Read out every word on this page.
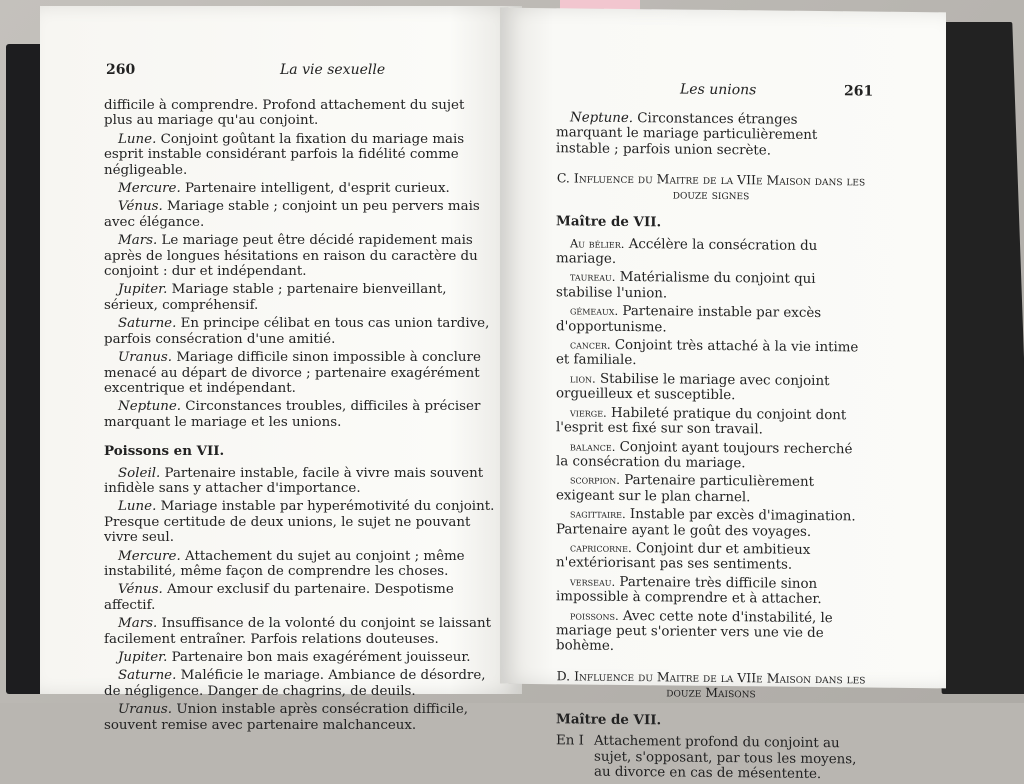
260	La vie sexuelle

difficile à comprendre. Profond attachement du sujet plus au mariage qu'au conjoint.

Lune. Conjoint goûtant la fixation du mariage mais esprit instable considérant parfois la fidélité comme négligeable.

Mercure. Partenaire intelligent, d'esprit curieux.

Vénus. Mariage stable ; conjoint un peu pervers mais avec élégance.

Mars. Le mariage peut être décidé rapidement mais après de longues hésitations en raison du caractère du conjoint : dur et indépendant.

Jupiter. Mariage stable ; partenaire bienveillant, sérieux, compréhensif.

Saturne. En principe célibat en tous cas union tardive, parfois consécration d'une amitié.

Uranus. Mariage difficile sinon impossible à conclure menacé au départ de divorce ; partenaire exagérément excentrique et indépendant.

Neptune. Circonstances troubles, difficiles à préciser marquant le mariage et les unions.

Poissons en VII.

Soleil. Partenaire instable, facile à vivre mais souvent infidèle sans y attacher d'importance.

Lune. Mariage instable par hyperémotivité du conjoint. Presque certitude de deux unions, le sujet ne pouvant vivre seul.

Mercure. Attachement du sujet au conjoint ; même instabilité, même façon de comprendre les choses.

Vénus. Amour exclusif du partenaire. Despotisme affectif.

Mars. Insuffisance de la volonté du conjoint se laissant facilement entraîner. Parfois relations douteuses.

Jupiter. Partenaire bon mais exagérément jouisseur.

Saturne. Maléficie le mariage. Ambiance de désordre, de négligence. Danger de chagrins, de deuils.

Uranus. Union instable après consécration difficile, souvent remise avec partenaire malchanceux.

Les unions	261

Neptune. Circonstances étranges marquant le mariage particulièrement instable ; parfois union secrète.

C. Influence du Maitre de la VIIe Maison dans les douze signes

Maître de VII.

Au bélier. Accélère la consécration du mariage.

taureau. Matérialisme du conjoint qui stabilise l'union.

gémeaux. Partenaire instable par excès d'opportunisme.

cancer. Conjoint très attaché à la vie intime et familiale.

lion. Stabilise le mariage avec conjoint orgueilleux et susceptible.

vierge. Habileté pratique du conjoint dont l'esprit est fixé sur son travail.

balance. Conjoint ayant toujours recherché la consécration du mariage.

scorpion. Partenaire particulièrement exigeant sur le plan charnel.

sagittaire. Instable par excès d'imagination. Partenaire ayant le goût des voyages.

capricorne. Conjoint dur et ambitieux n'extériorisant pas ses sentiments.

verseau. Partenaire très difficile sinon impossible à comprendre et à attacher.

poissons. Avec cette note d'instabilité, le mariage peut s'orienter vers une vie de bohème.

D. Influence du Maitre de la VIIe Maison dans les douze Maisons

Maître de VII.

En I Attachement profond du conjoint au sujet, s'opposant, par tous les moyens, au divorce en cas de mésentente.
